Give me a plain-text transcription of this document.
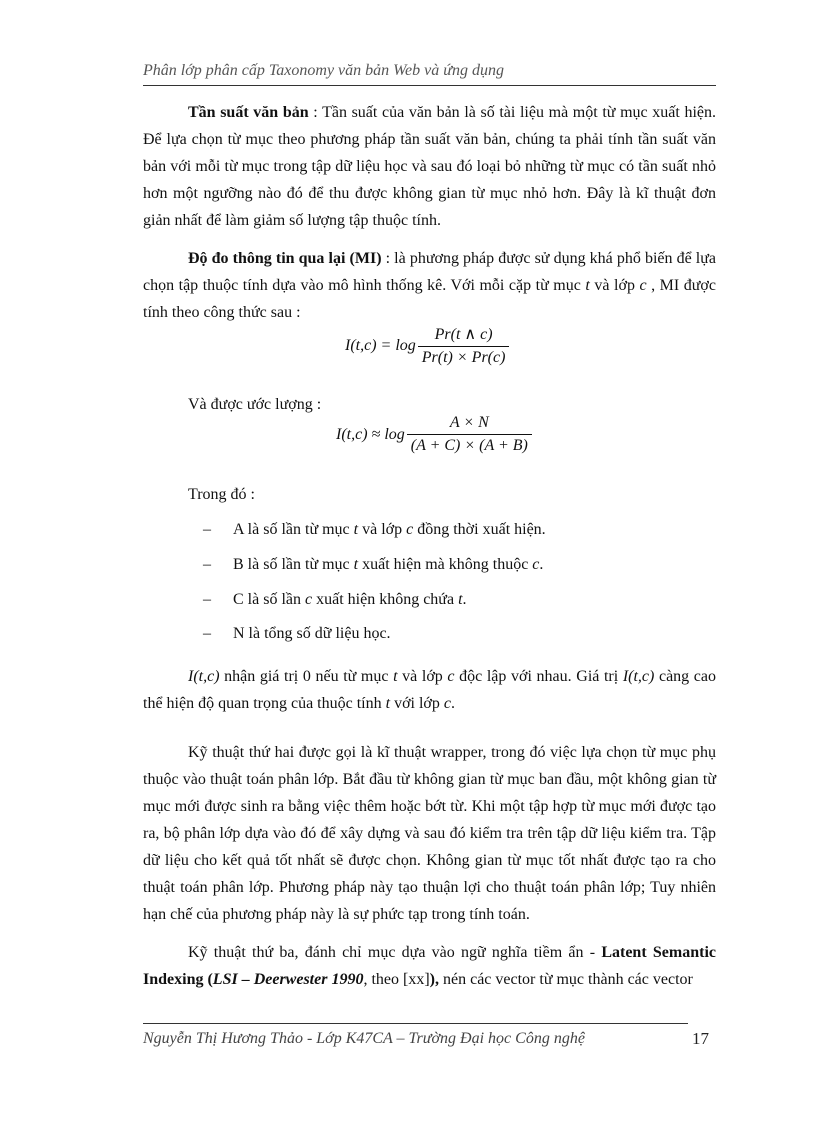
Phân lớp phân cấp Taxonomy văn bản Web và ứng dụng
Tần suất văn bản : Tần suất của văn bản là số tài liệu mà một từ mục xuất hiện. Để lựa chọn từ mục theo phương pháp tần suất văn bản, chúng ta phải tính tần suất văn bản với mỗi từ mục trong tập dữ liệu học và sau đó loại bỏ những từ mục có tần suất nhỏ hơn một ngưỡng nào đó để thu được không gian từ mục nhỏ hơn. Đây là kĩ thuật đơn giản nhất để làm giảm số lượng tập thuộc tính.
Độ đo thông tin qua lại (MI) : là phương pháp được sử dụng khá phổ biến để lựa chọn tập thuộc tính dựa vào mô hình thống kê. Với mỗi cặp từ mục t và lớp c , MI được tính theo công thức sau :
$I(t,c) = \log \frac{Pr(t \wedge c)}{Pr(t) \times Pr(c)}$
Và được ước lượng :
$I(t,c) \approx \log \frac{A \times N}{(A + C) \times (A + B)}$
Trong đó :
– A là số lần từ mục t và lớp c đồng thời xuất hiện.
– B là số lần từ mục t xuất hiện mà không thuộc c.
– C là số lần c xuất hiện không chứa t.
– N là tổng số dữ liệu học.
I(t,c) nhận giá trị 0 nếu từ mục t và lớp c độc lập với nhau. Giá trị I(t,c) càng cao thể hiện độ quan trọng của thuộc tính t với lớp c.
Kỹ thuật thứ hai được gọi là kĩ thuật wrapper, trong đó việc lựa chọn từ mục phụ thuộc vào thuật toán phân lớp. Bắt đầu từ không gian từ mục ban đầu, một không gian từ mục mới được sinh ra bằng việc thêm hoặc bớt từ. Khi một tập hợp từ mục mới được tạo ra, bộ phân lớp dựa vào đó để xây dựng và sau đó kiểm tra trên tập dữ liệu kiểm tra. Tập dữ liệu cho kết quả tốt nhất sẽ được chọn. Không gian từ mục tốt nhất được tạo ra cho thuật toán phân lớp. Phương pháp này tạo thuận lợi cho thuật toán phân lớp; Tuy nhiên hạn chế của phương pháp này là sự phức tạp trong tính toán.
Kỹ thuật thứ ba, đánh chỉ mục dựa vào ngữ nghĩa tiềm ẩn - Latent Semantic Indexing (LSI – Deerwester 1990, theo [xx]), nén các vector từ mục thành các vector
Nguyễn Thị Hương Thảo - Lớp K47CA – Trường Đại học Công nghệ	17
